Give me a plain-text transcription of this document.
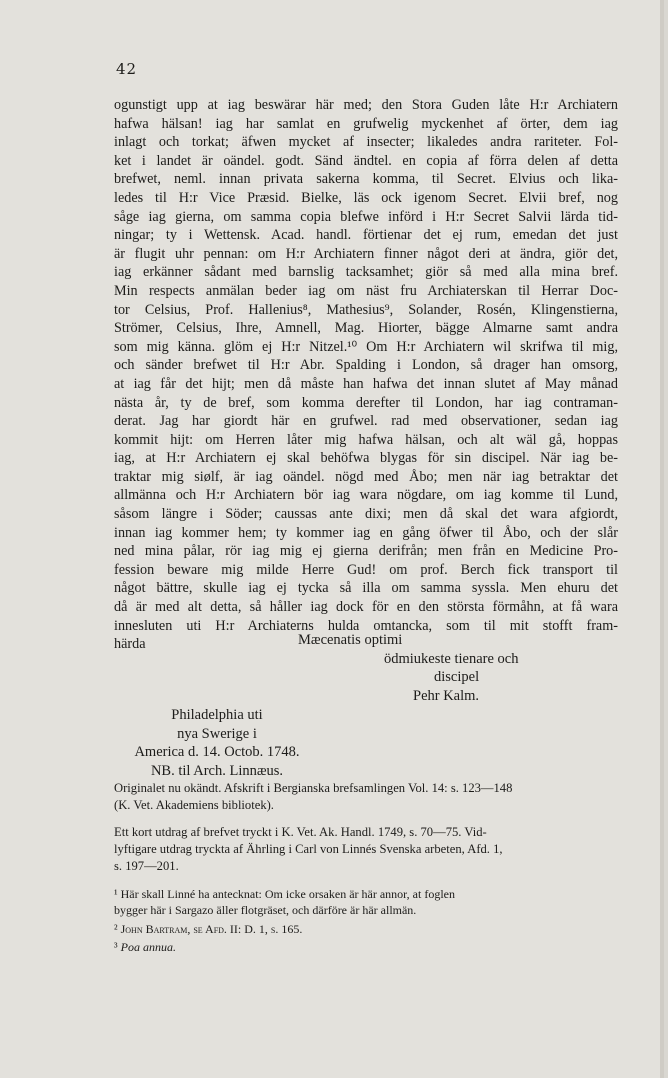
42
ogunstigt upp at iag beswärar här med; den Stora Guden låte H:r Archiatern
hafwa hälsan! iag har samlat en grufwelig myckenhet af örter, dem iag
inlagt och torkat; äfwen mycket af insecter; likaledes andra rariteter. Fol-
ket i landet är oändel. godt. Sänd ändtel. en copia af förra delen af detta
brefwet, neml. innan privata sakerna komma, til Secret. Elvius och lika-
ledes til H:r Vice Præsid. Bielke, läs ock igenom Secret. Elvii bref, nog
såge iag gierna, om samma copia blefwe införd i H:r Secret Salvii lärda tid-
ningar; ty i Wettensk. Acad. handl. förtienar det ej rum, emedan det just
är flugit uhr pennan: om H:r Archiatern finner något deri at ändra, giör det,
iag erkänner sådant med barnslig tacksamhet; giör så med alla mina bref.
Min respects anmälan beder iag om näst fru Archiaterskan til Herrar Doc-
tor Celsius, Prof. Hallenius⁸, Mathesius⁹, Solander, Rosén, Klingenstierna,
Strömer, Celsius, Ihre, Amnell, Mag. Hiorter, bägge Almarne samt andra
som mig känna. glöm ej H:r Nitzel.¹⁰ Om H:r Archiatern wil skrifwa til mig,
och sänder brefwet til H:r Abr. Spalding i London, så drager han omsorg,
at iag får det hijt; men då måste han hafwa det innan slutet af May månad
nästa år, ty de bref, som komma derefter til London, har iag contraman-
derat. Jag har giordt här en grufwel. rad med observationer, sedan iag
kommit hijt: om Herren låter mig hafwa hälsan, och alt wäl gå, hoppas
iag, at H:r Archiatern ej skal behöfwa blygas för sin discipel. När iag be-
traktar mig siølf, är iag oändel. nögd med Åbo; men när iag betraktar det
allmänna och H:r Archiatern bör iag wara nögdare, om iag komme til Lund,
såsom längre i Söder; caussas ante dixi; men då skal det wara afgiordt,
innan iag kommer hem; ty kommer iag en gång öfwer til Åbo, och der slår
ned mina pålar, rör iag mig ej gierna derifrån; men från en Medicine Pro-
fession beware mig milde Herre Gud! om prof. Berch fick transport til
något bättre, skulle iag ej tycka så illa om samma syssla. Men ehuru det
då är med alt detta, så håller iag dock för en den största förmåhn, at få wara
innesluten uti H:r Archiaterns hulda omtancka, som til mit stofft fram-
härda	Mæcenatis optimi
ödmiukeste tienare och
discipel
Pehr Kalm.
Philadelphia uti
nya Swerige i
America d. 14. Octob. 1748.
NB. til Arch. Linnæus.
Originalet nu okändt. Afskrift i Bergianska brefsamlingen Vol. 14: s. 123—148
(K. Vet. Akademiens bibliotek).
Ett kort utdrag af brefvet tryckt i K. Vet. Ak. Handl. 1749, s. 70—75. Vid-
lyftigare utdrag tryckta af Ährling i Carl von Linnés Svenska arbeten, Afd. 1,
s. 197—201.
¹ Här skall Linné ha antecknat: Om icke orsaken är här annor, at foglen
bygger här i Sargazo äller flotgräset, och därföre är här allmän.
² John Bartram, se Afd. II: D. 1, s. 165.
³ Poa annua.
